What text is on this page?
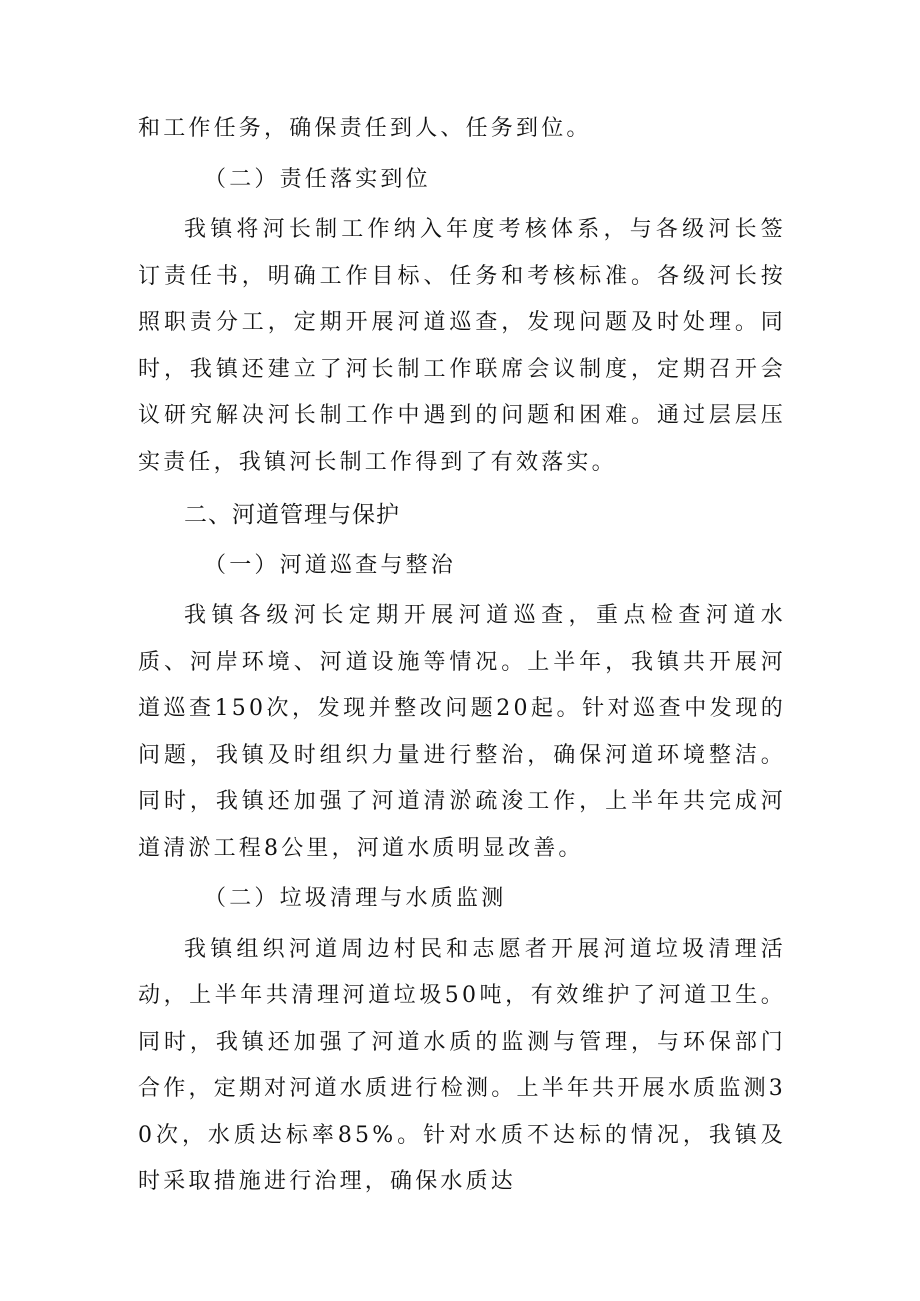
和工作任务，确保责任到人、任务到位。

（二）责任落实到位

我镇将河长制工作纳入年度考核体系，与各级河长签订责任书，明确工作目标、任务和考核标准。各级河长按照职责分工，定期开展河道巡查，发现问题及时处理。同时，我镇还建立了河长制工作联席会议制度，定期召开会议研究解决河长制工作中遇到的问题和困难。通过层层压实责任，我镇河长制工作得到了有效落实。

二、河道管理与保护

（一）河道巡查与整治

我镇各级河长定期开展河道巡查，重点检查河道水质、河岸环境、河道设施等情况。上半年，我镇共开展河道巡查150次，发现并整改问题20起。针对巡查中发现的问题，我镇及时组织力量进行整治，确保河道环境整洁。同时，我镇还加强了河道清淤疏浚工作，上半年共完成河道清淤工程8公里，河道水质明显改善。

（二）垃圾清理与水质监测

我镇组织河道周边村民和志愿者开展河道垃圾清理活动，上半年共清理河道垃圾50吨，有效维护了河道卫生。同时，我镇还加强了河道水质的监测与管理，与环保部门合作，定期对河道水质进行检测。上半年共开展水质监测30次，水质达标率85%。针对水质不达标的情况，我镇及时采取措施进行治理，确保水质达
